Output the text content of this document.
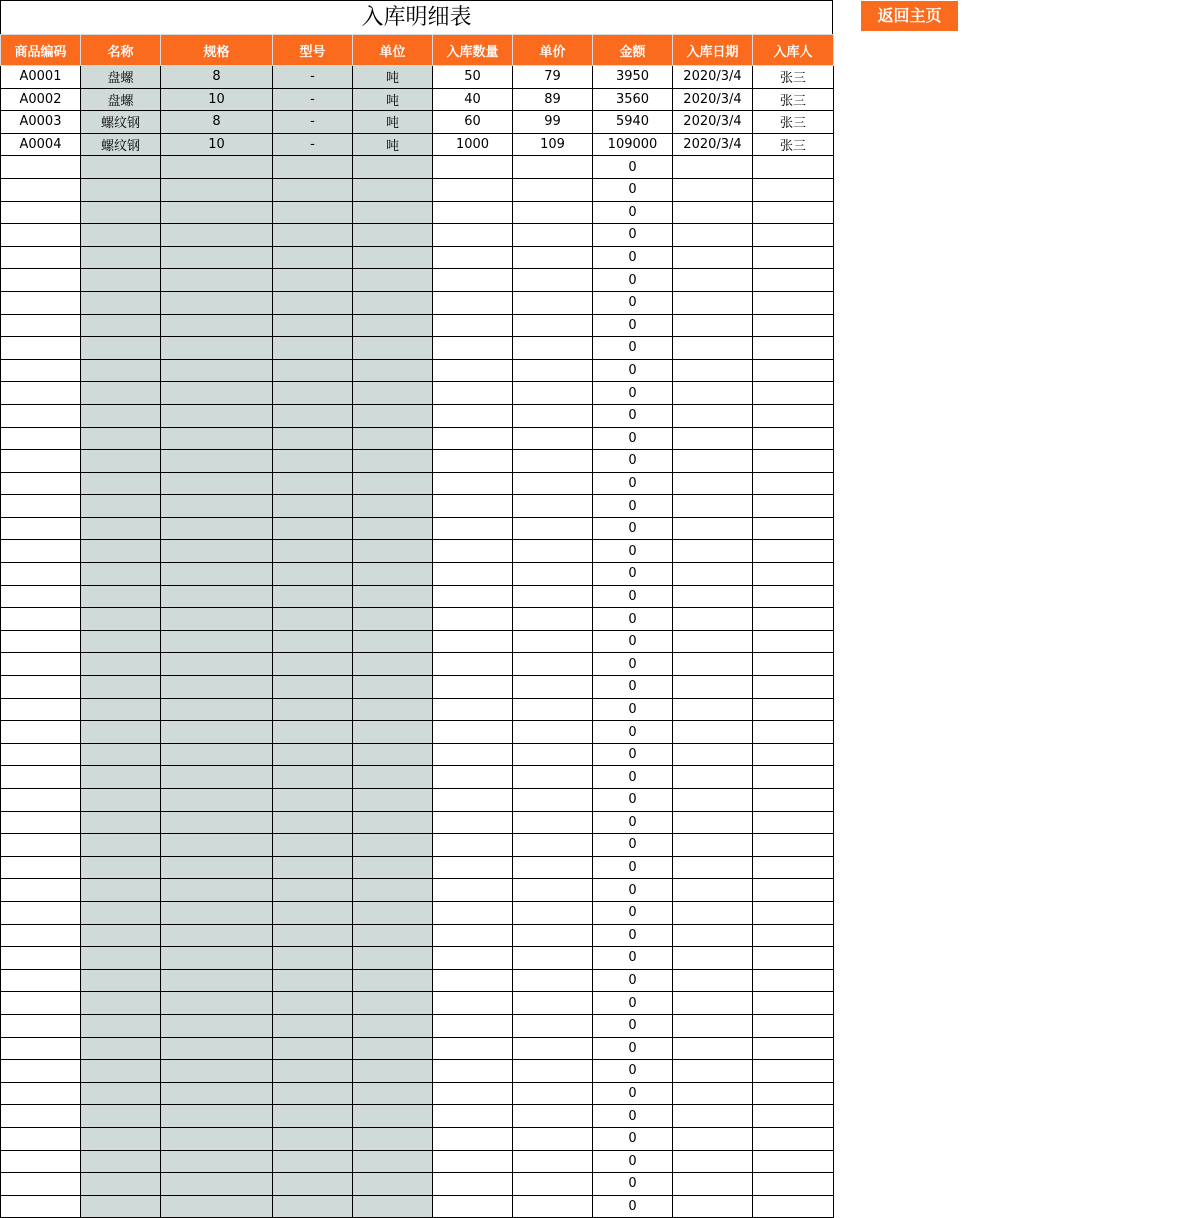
入库明细表
商品编码	名称	规格	型号	单位	入库数量	单价	金额	入库日期	入库人
A0001	盘螺	8	-	吨	50	79	3950	2020/3/4	张三
A0002	盘螺	10	-	吨	40	89	3560	2020/3/4	张三
A0003	螺纹钢	8	-	吨	60	99	5940	2020/3/4	张三
A0004	螺纹钢	10	-	吨	1000	109	109000	2020/3/4	张三
							0		
							0		
							0		
							0		
							0		
							0		
							0		
							0		
							0		
							0		
							0		
							0		
							0		
							0		
							0		
							0		
							0		
							0		
							0		
							0		
							0		
							0		
							0		
							0		
							0		
							0		
							0		
							0		
							0		
							0		
							0		
							0		
							0		
							0		
							0		
							0		
							0		
							0		
							0		
							0		
							0		
							0		
							0		
							0		
							0		
							0		
							0		
返回主页
